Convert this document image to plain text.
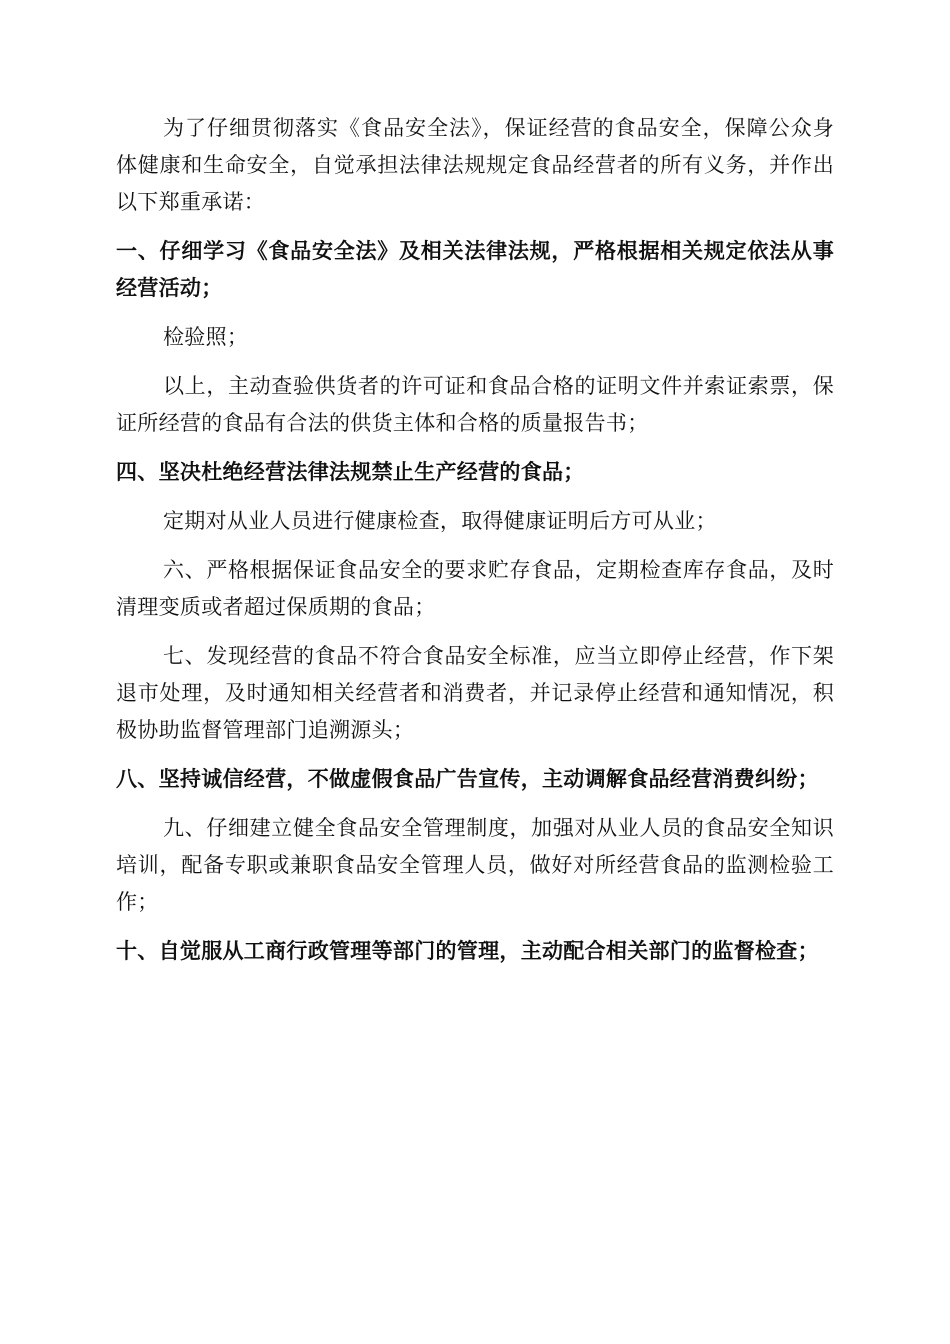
为了仔细贯彻落实《食品安全法》，保证经营的食品安全，保障公众身体健康和生命安全，自觉承担法律法规规定食品经营者的所有义务，并作出以下郑重承诺：

一、仔细学习《食品安全法》及相关法律法规，严格根据相关规定依法从事经营活动；

检验照；

以上，主动查验供货者的许可证和食品合格的证明文件并索证索票，保证所经营的食品有合法的供货主体和合格的质量报告书；

四、坚决杜绝经营法律法规禁止生产经营的食品；

定期对从业人员进行健康检查，取得健康证明后方可从业；

六、严格根据保证食品安全的要求贮存食品，定期检查库存食品，及时清理变质或者超过保质期的食品；

七、发现经营的食品不符合食品安全标准，应当立即停止经营，作下架退市处理，及时通知相关经营者和消费者，并记录停止经营和通知情况，积极协助监督管理部门追溯源头；

八、坚持诚信经营，不做虚假食品广告宣传，主动调解食品经营消费纠纷；

九、仔细建立健全食品安全管理制度，加强对从业人员的食品安全知识培训，配备专职或兼职食品安全管理人员，做好对所经营食品的监测检验工作；

十、自觉服从工商行政管理等部门的管理，主动配合相关部门的监督检查；
